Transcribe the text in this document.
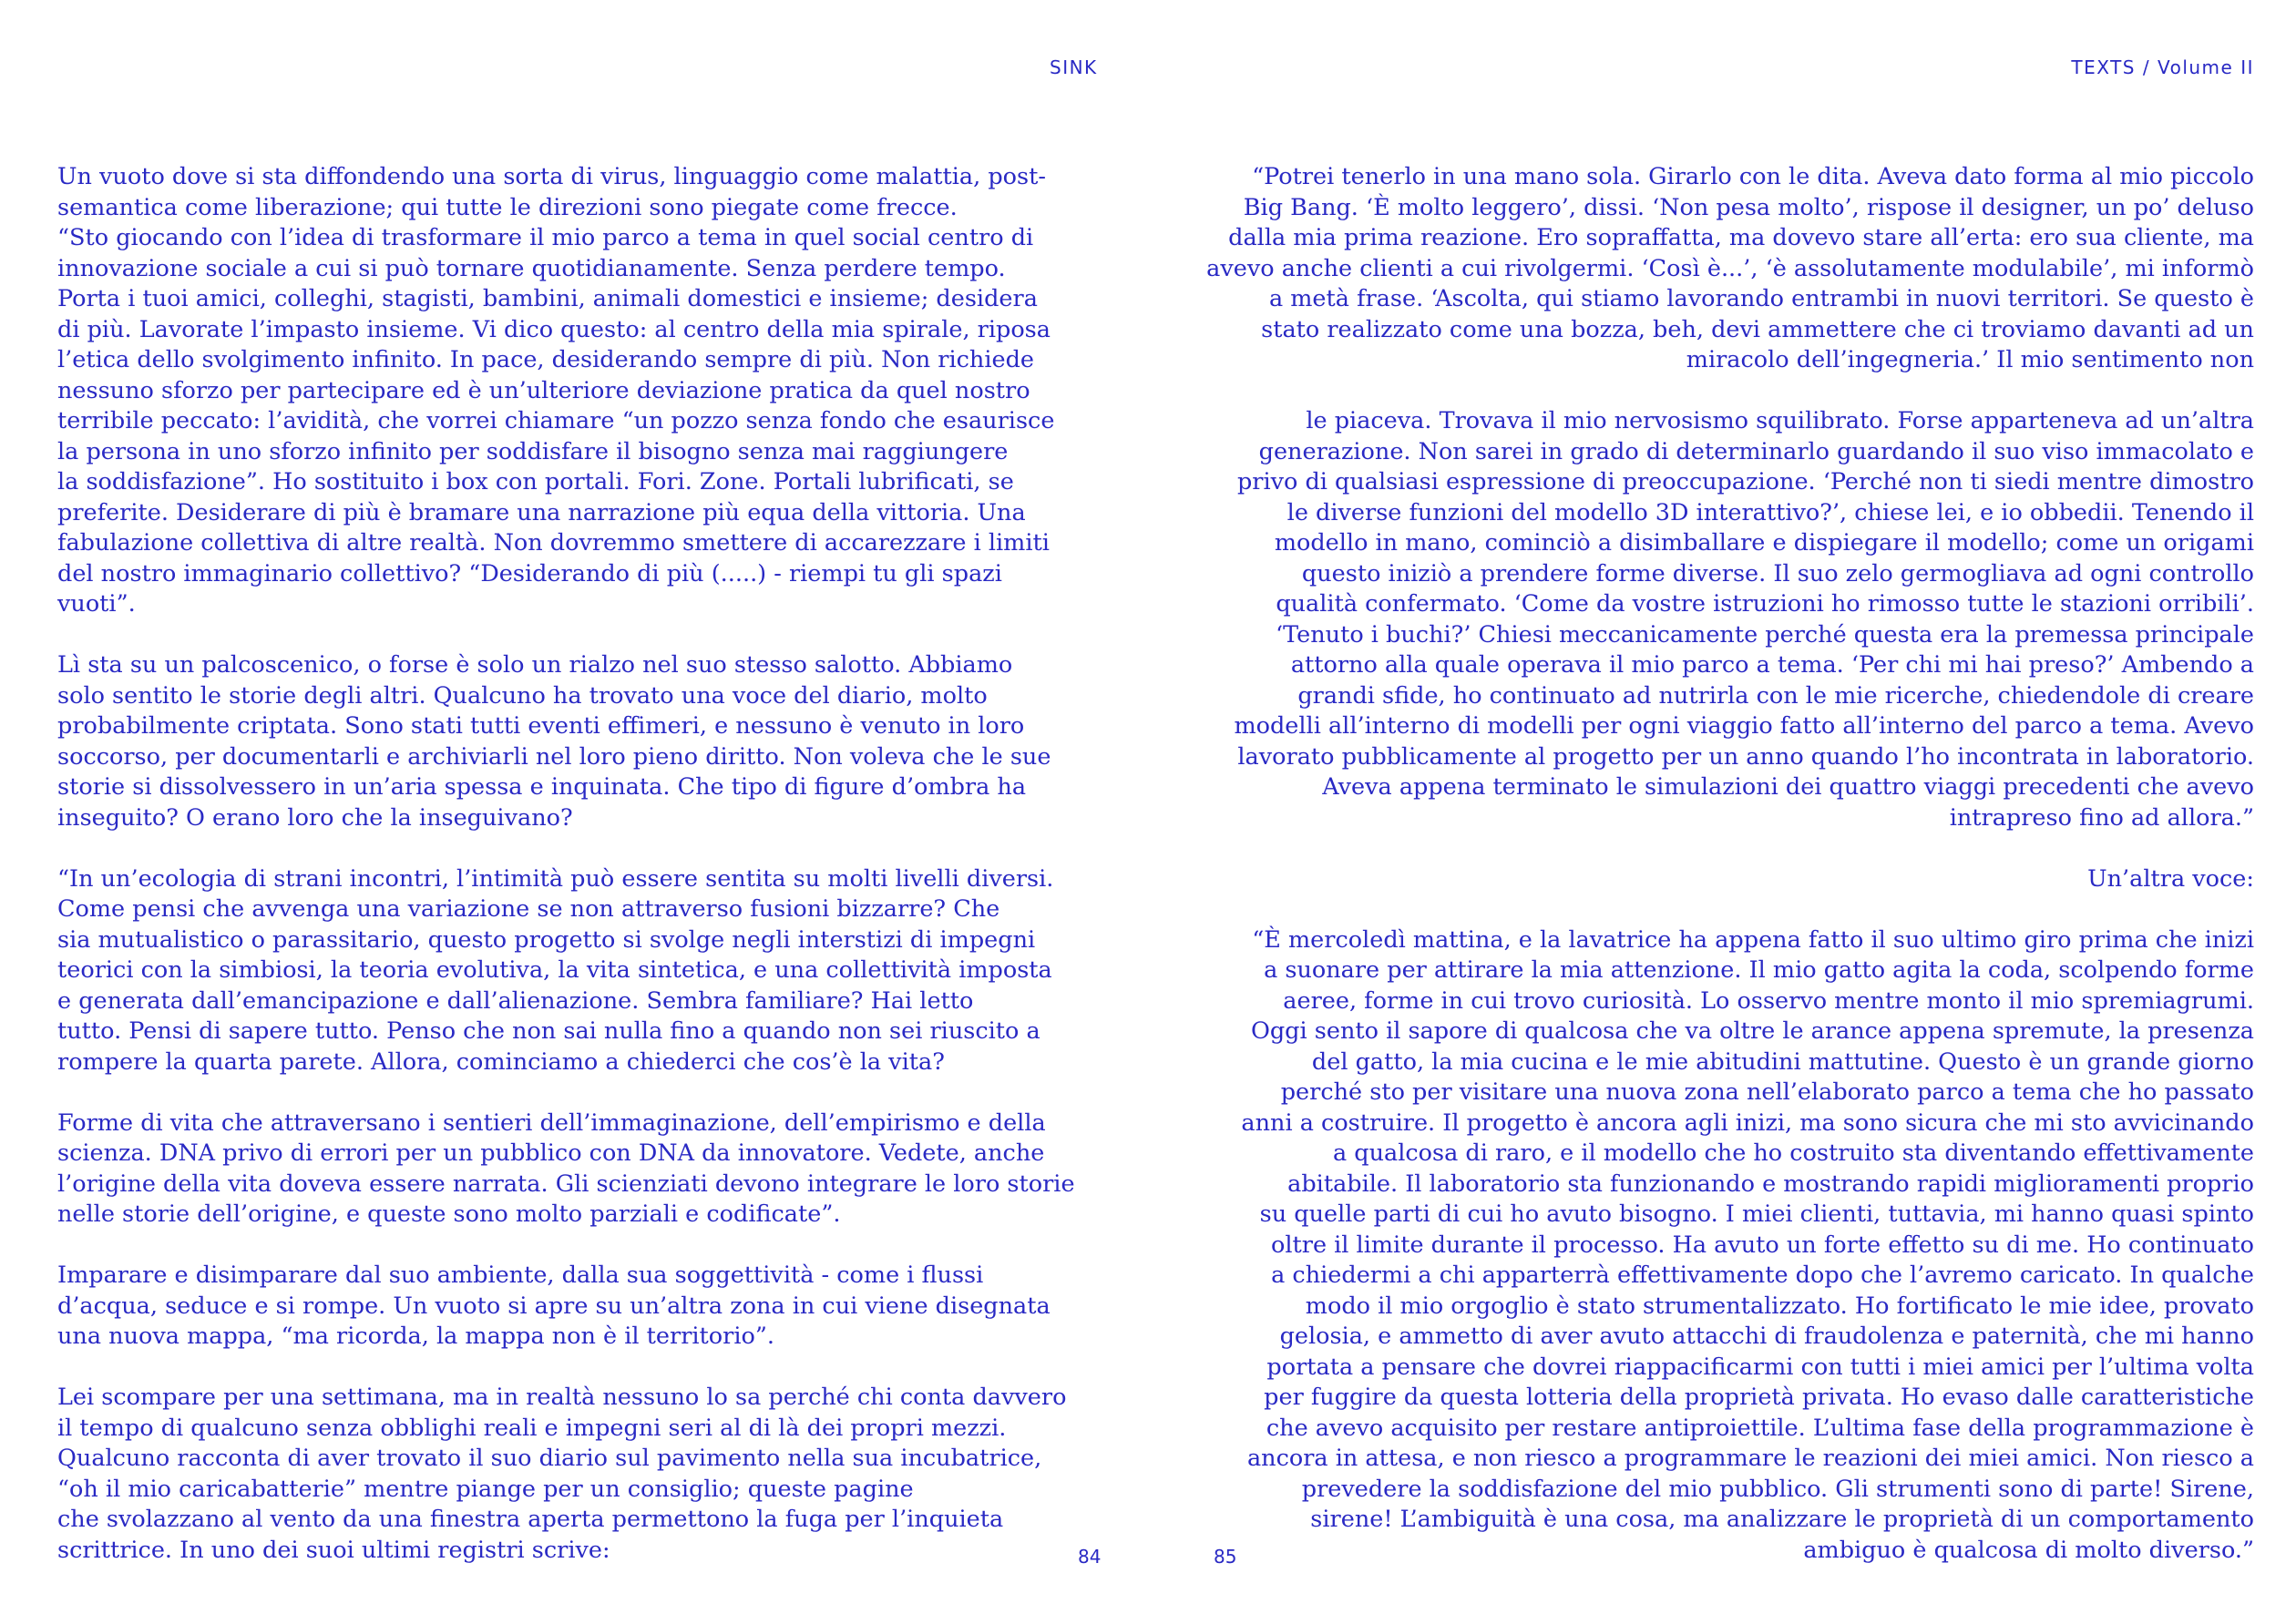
SINK	TEXTS / Volume II

Un vuoto dove si sta diffondendo una sorta di virus, linguaggio come malattia, post-
semantica come liberazione; qui tutte le direzioni sono piegate come frecce.
“Sto giocando con l’idea di trasformare il mio parco a tema in quel social centro di
innovazione sociale a cui si può tornare quotidianamente. Senza perdere tempo.
Porta i tuoi amici, colleghi, stagisti, bambini, animali domestici e insieme; desidera
di più. Lavorate l’impasto insieme. Vi dico questo: al centro della mia spirale, riposa
l’etica dello svolgimento infinito. In pace, desiderando sempre di più. Non richiede
nessuno sforzo per partecipare ed è un’ulteriore deviazione pratica da quel nostro
terribile peccato: l’avidità, che vorrei chiamare “un pozzo senza fondo che esaurisce
la persona in uno sforzo infinito per soddisfare il bisogno senza mai raggiungere
la soddisfazione”. Ho sostituito i box con portali. Fori. Zone. Portali lubrificati, se
preferite. Desiderare di più è bramare una narrazione più equa della vittoria. Una
fabulazione collettiva di altre realtà. Non dovremmo smettere di accarezzare i limiti
del nostro immaginario collettivo? “Desiderando di più (.....) - riempi tu gli spazi
vuoti”.

Lì sta su un palcoscenico, o forse è solo un rialzo nel suo stesso salotto. Abbiamo
solo sentito le storie degli altri. Qualcuno ha trovato una voce del diario, molto
probabilmente criptata. Sono stati tutti eventi effimeri, e nessuno è venuto in loro
soccorso, per documentarli e archiviarli nel loro pieno diritto. Non voleva che le sue
storie si dissolvessero in un’aria spessa e inquinata. Che tipo di figure d’ombra ha
inseguito? O erano loro che la inseguivano?

“In un’ecologia di strani incontri, l’intimità può essere sentita su molti livelli diversi.
Come pensi che avvenga una variazione se non attraverso fusioni bizzarre? Che
sia mutualistico o parassitario, questo progetto si svolge negli interstizi di impegni
teorici con la simbiosi, la teoria evolutiva, la vita sintetica, e una collettività imposta
e generata dall’emancipazione e dall’alienazione. Sembra familiare? Hai letto
tutto. Pensi di sapere tutto. Penso che non sai nulla fino a quando non sei riuscito a
rompere la quarta parete. Allora, cominciamo a chiederci che cos’è la vita?

Forme di vita che attraversano i sentieri dell’immaginazione, dell’empirismo e della
scienza. DNA privo di errori per un pubblico con DNA da innovatore. Vedete, anche
l’origine della vita doveva essere narrata. Gli scienziati devono integrare le loro storie
nelle storie dell’origine, e queste sono molto parziali e codificate”.

Imparare e disimparare dal suo ambiente, dalla sua soggettività - come i flussi
d’acqua, seduce e si rompe. Un vuoto si apre su un’altra zona in cui viene disegnata
una nuova mappa, “ma ricorda, la mappa non è il territorio”.

Lei scompare per una settimana, ma in realtà nessuno lo sa perché chi conta davvero
il tempo di qualcuno senza obblighi reali e impegni seri al di là dei propri mezzi.
Qualcuno racconta di aver trovato il suo diario sul pavimento nella sua incubatrice,
“oh il mio caricabatterie” mentre piange per un consiglio; queste pagine
che svolazzano al vento da una finestra aperta permettono la fuga per l’inquieta
scrittrice. In uno dei suoi ultimi registri scrive:

“Potrei tenerlo in una mano sola. Girarlo con le dita. Aveva dato forma al mio piccolo
Big Bang. ‘È molto leggero’, dissi. ‘Non pesa molto’, rispose il designer, un po’ deluso
dalla mia prima reazione. Ero sopraffatta, ma dovevo stare all’erta: ero sua cliente, ma
avevo anche clienti a cui rivolgermi. ‘Così è...’, ‘è assolutamente modulabile’, mi informò
a metà frase. ‘Ascolta, qui stiamo lavorando entrambi in nuovi territori. Se questo è
stato realizzato come una bozza, beh, devi ammettere che ci troviamo davanti ad un
miracolo dell’ingegneria.’ Il mio sentimento non

le piaceva. Trovava il mio nervosismo squilibrato. Forse apparteneva ad un’altra
generazione. Non sarei in grado di determinarlo guardando il suo viso immacolato e
privo di qualsiasi espressione di preoccupazione. ‘Perché non ti siedi mentre dimostro
le diverse funzioni del modello 3D interattivo?’, chiese lei, e io obbedii. Tenendo il
modello in mano, cominciò a disimballare e dispiegare il modello; come un origami
questo iniziò a prendere forme diverse. Il suo zelo germogliava ad ogni controllo
qualità confermato. ‘Come da vostre istruzioni ho rimosso tutte le stazioni orribili’.
‘Tenuto i buchi?’ Chiesi meccanicamente perché questa era la premessa principale
attorno alla quale operava il mio parco a tema. ‘Per chi mi hai preso?’ Ambendo a
grandi sfide, ho continuato ad nutrirla con le mie ricerche, chiedendole di creare
modelli all’interno di modelli per ogni viaggio fatto all’interno del parco a tema. Avevo
lavorato pubblicamente al progetto per un anno quando l’ho incontrata in laboratorio.
Aveva appena terminato le simulazioni dei quattro viaggi precedenti che avevo
intrapreso fino ad allora.”

Un’altra voce:

“È mercoledì mattina, e la lavatrice ha appena fatto il suo ultimo giro prima che inizi
a suonare per attirare la mia attenzione. Il mio gatto agita la coda, scolpendo forme
aeree, forme in cui trovo curiosità. Lo osservo mentre monto il mio spremiagrumi.
Oggi sento il sapore di qualcosa che va oltre le arance appena spremute, la presenza
del gatto, la mia cucina e le mie abitudini mattutine. Questo è un grande giorno
perché sto per visitare una nuova zona nell’elaborato parco a tema che ho passato
anni a costruire. Il progetto è ancora agli inizi, ma sono sicura che mi sto avvicinando
a qualcosa di raro, e il modello che ho costruito sta diventando effettivamente
abitabile. Il laboratorio sta funzionando e mostrando rapidi miglioramenti proprio
su quelle parti di cui ho avuto bisogno. I miei clienti, tuttavia, mi hanno quasi spinto
oltre il limite durante il processo. Ha avuto un forte effetto su di me. Ho continuato
a chiedermi a chi apparterrà effettivamente dopo che l’avremo caricato. In qualche
modo il mio orgoglio è stato strumentalizzato. Ho fortificato le mie idee, provato
gelosia, e ammetto di aver avuto attacchi di fraudolenza e paternità, che mi hanno
portata a pensare che dovrei riappacificarmi con tutti i miei amici per l’ultima volta
per fuggire da questa lotteria della proprietà privata. Ho evaso dalle caratteristiche
che avevo acquisito per restare antiproiettile. L’ultima fase della programmazione è
ancora in attesa, e non riesco a programmare le reazioni dei miei amici. Non riesco a
prevedere la soddisfazione del mio pubblico. Gli strumenti sono di parte! Sirene,
sirene! L’ambiguità è una cosa, ma analizzare le proprietà di un comportamento
ambiguo è qualcosa di molto diverso.”

84	85
